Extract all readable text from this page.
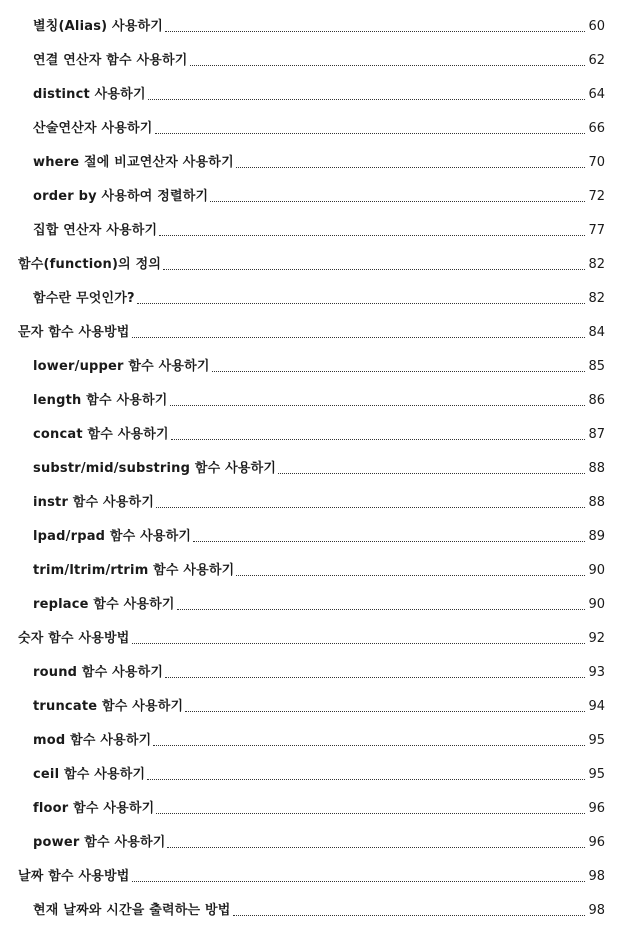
별칭(Alias) 사용하기	60
연결 연산자 함수 사용하기	62
distinct 사용하기	64
산술연산자 사용하기	66
where 절에 비교연산자 사용하기	70
order by 사용하여 정렬하기	72
집합 연산자 사용하기	77
함수(function)의 정의	82
함수란 무엇인가?	82
문자 함수 사용방법	84
lower/upper 함수 사용하기	85
length 함수 사용하기	86
concat 함수 사용하기	87
substr/mid/substring 함수 사용하기	88
instr 함수 사용하기	88
lpad/rpad 함수 사용하기	89
trim/ltrim/rtrim 함수 사용하기	90
replace 함수 사용하기	90
숫자 함수 사용방법	92
round 함수 사용하기	93
truncate 함수 사용하기	94
mod 함수 사용하기	95
ceil 함수 사용하기	95
floor 함수 사용하기	96
power 함수 사용하기	96
날짜 함수 사용방법	98
현재 날짜와 시간을 출력하는 방법	98
